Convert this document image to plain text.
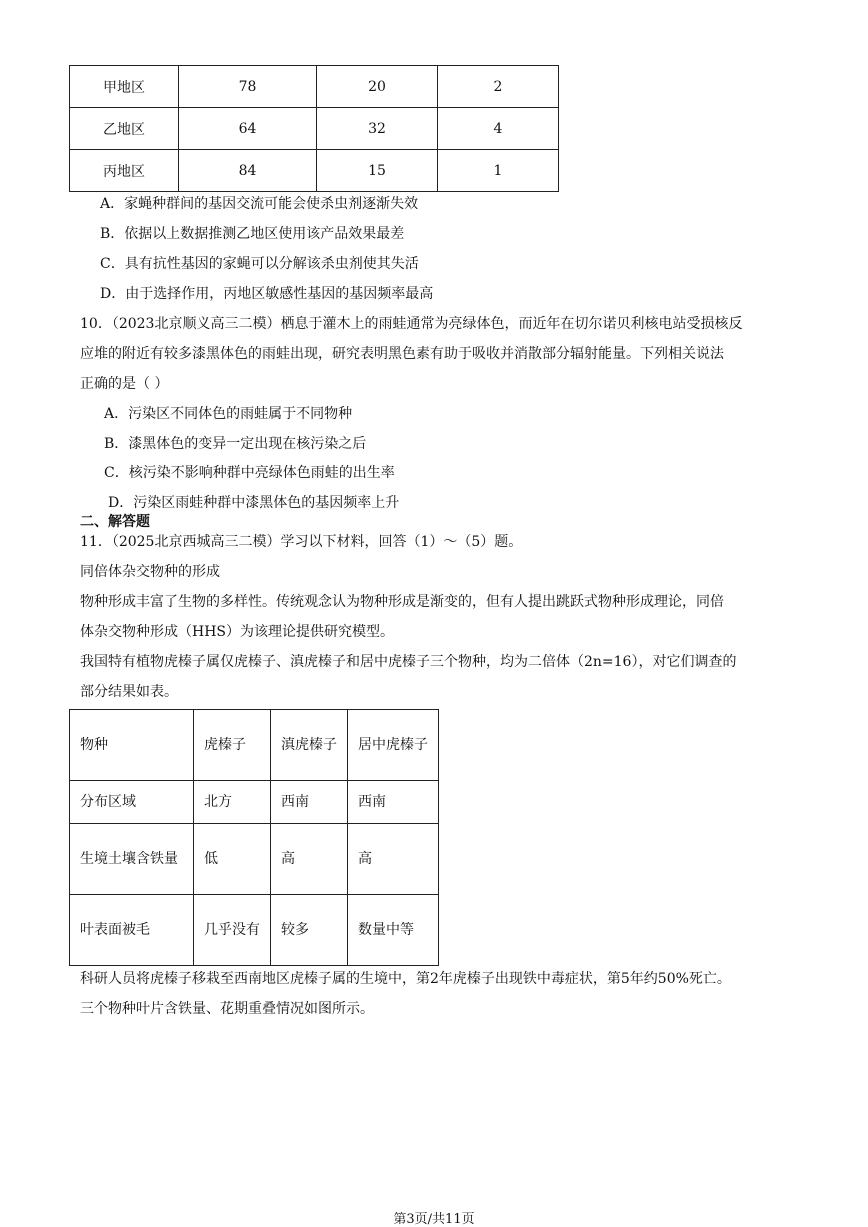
甲地区	78	20	2
乙地区	64	32	4
丙地区	84	15	1
A．家蝇种群间的基因交流可能会使杀虫剂逐渐失效
B．依据以上数据推测乙地区使用该产品效果最差
C．具有抗性基因的家蝇可以分解该杀虫剂使其失活
D．由于选择作用，丙地区敏感性基因的基因频率最高
10．（2023北京顺义高三二模）栖息于灌木上的雨蛙通常为亮绿体色，而近年在切尔诺贝利核电站受损核反
应堆的附近有较多漆黑体色的雨蛙出现，研究表明黑色素有助于吸收并消散部分辐射能量。下列相关说法
正确的是（ ）
A．污染区不同体色的雨蛙属于不同物种
B．漆黑体色的变异一定出现在核污染之后
C．核污染不影响种群中亮绿体色雨蛙的出生率
D．污染区雨蛙种群中漆黑体色的基因频率上升
二、解答题
11．（2025北京西城高三二模）学习以下材料，回答（1）～（5）题。
同倍体杂交物种的形成
物种形成丰富了生物的多样性。传统观念认为物种形成是渐变的，但有人提出跳跃式物种形成理论，同倍
体杂交物种形成（HHS）为该理论提供研究模型。
我国特有植物虎榛子属仅虎榛子、滇虎榛子和居中虎榛子三个物种，均为二倍体（2n=16），对它们调查的
部分结果如表。
物种	虎榛子	滇虎榛子	居中虎榛子
分布区域	北方	西南	西南
生境土壤含铁量	低	高	高
叶表面被毛	几乎没有	较多	数量中等
科研人员将虎榛子移栽至西南地区虎榛子属的生境中，第2年虎榛子出现铁中毒症状，第5年约50%死亡。
三个物种叶片含铁量、花期重叠情况如图所示。
第3页/共11页
